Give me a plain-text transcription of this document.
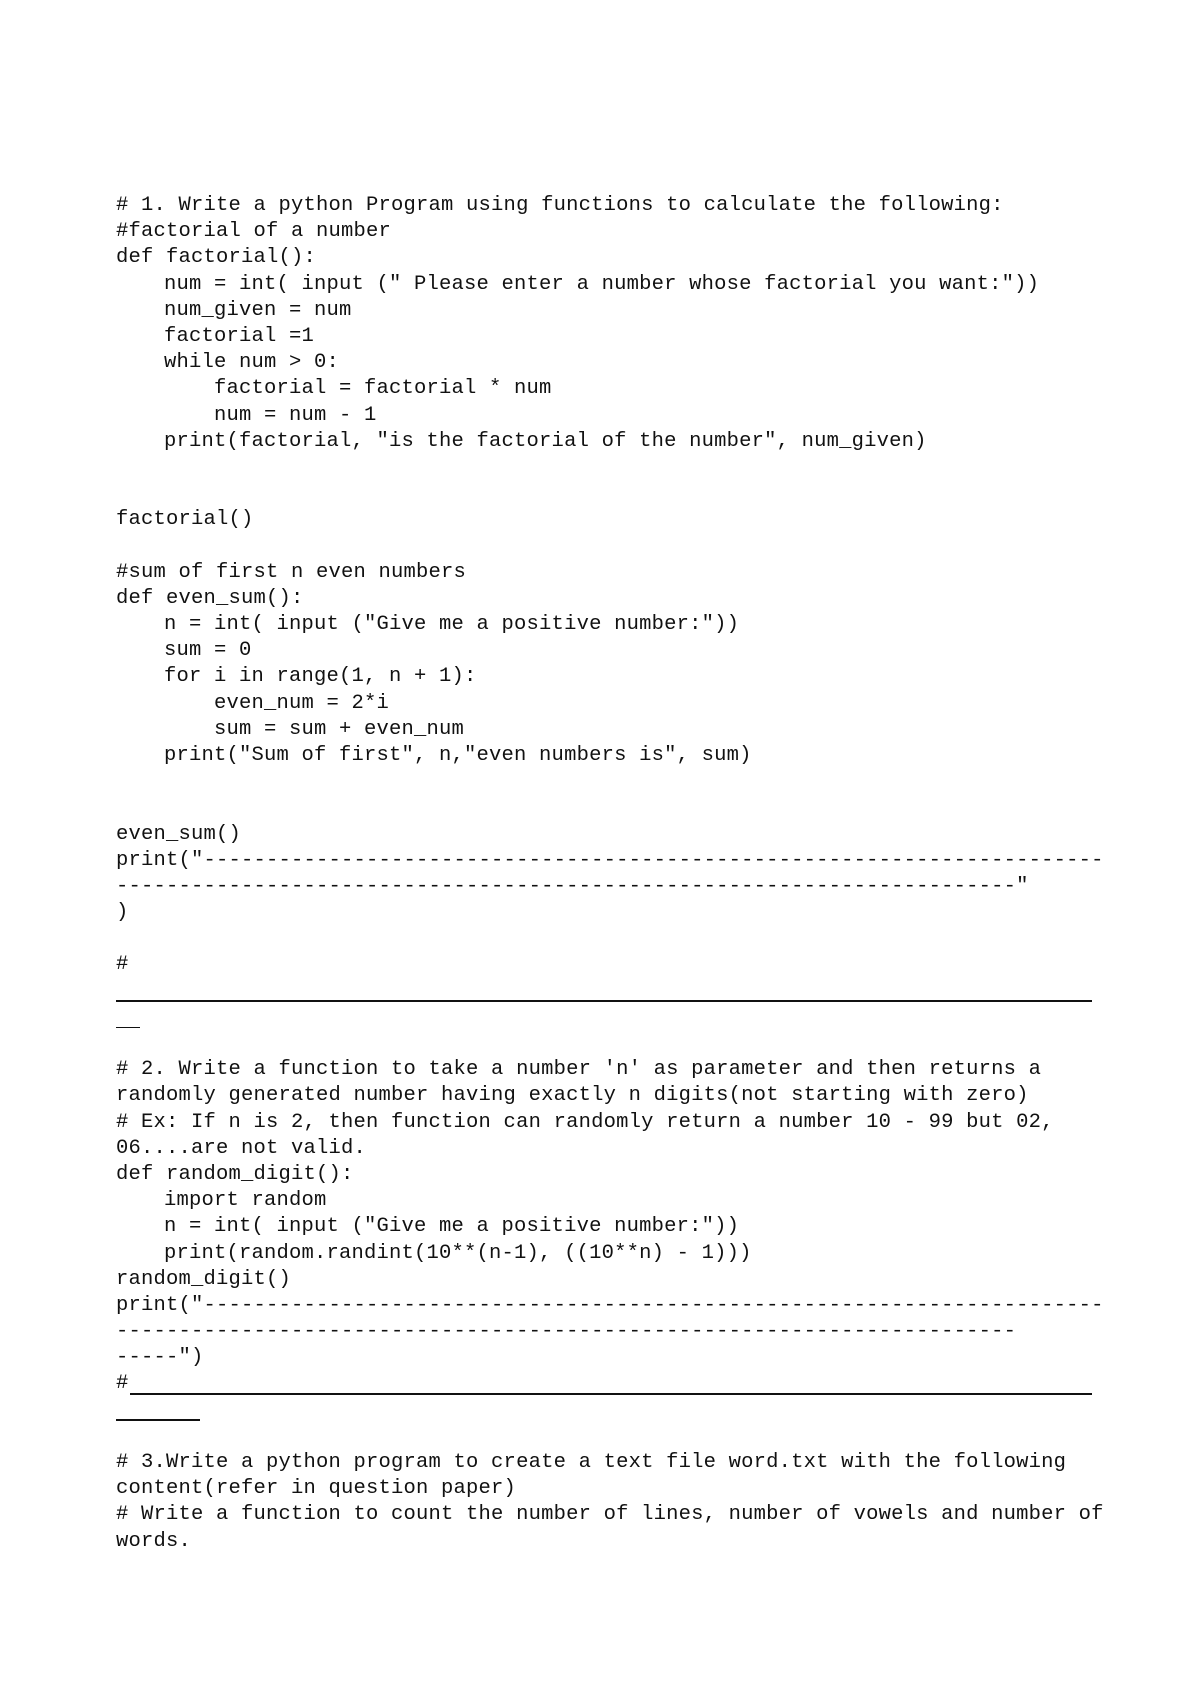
# 1. Write a python Program using functions to calculate the following:
#factorial of a number
def factorial():
num = int( input (" Please enter a number whose factorial you want:"))
num_given = num
factorial =1
while num > 0:
factorial = factorial * num
num = num - 1
print(factorial, "is the factorial of the number", num_given)
factorial()
#sum of first n even numbers
def even_sum():
n = int( input ("Give me a positive number:"))
sum = 0
for i in range(1, n + 1):
even_num = 2*i
sum = sum + even_num
print("Sum of first", n,"even numbers is", sum)
even_sum()
print("------------------------------------------------------------------------
------------------------------------------------------------------------"
)
#
# 2. Write a function to take a number 'n' as parameter and then returns a
randomly generated number having exactly n digits(not starting with zero)
# Ex: If n is 2, then function can randomly return a number 10 - 99 but 02,
06....are not valid.
def random_digit():
import random
n = int( input ("Give me a positive number:"))
print(random.randint(10**(n-1), ((10**n) - 1)))
random_digit()
print("------------------------------------------------------------------------
------------------------------------------------------------------------
-----")
#
# 3.Write a python program to create a text file word.txt with the following
content(refer in question paper)
# Write a function to count the number of lines, number of vowels and number of
words.
